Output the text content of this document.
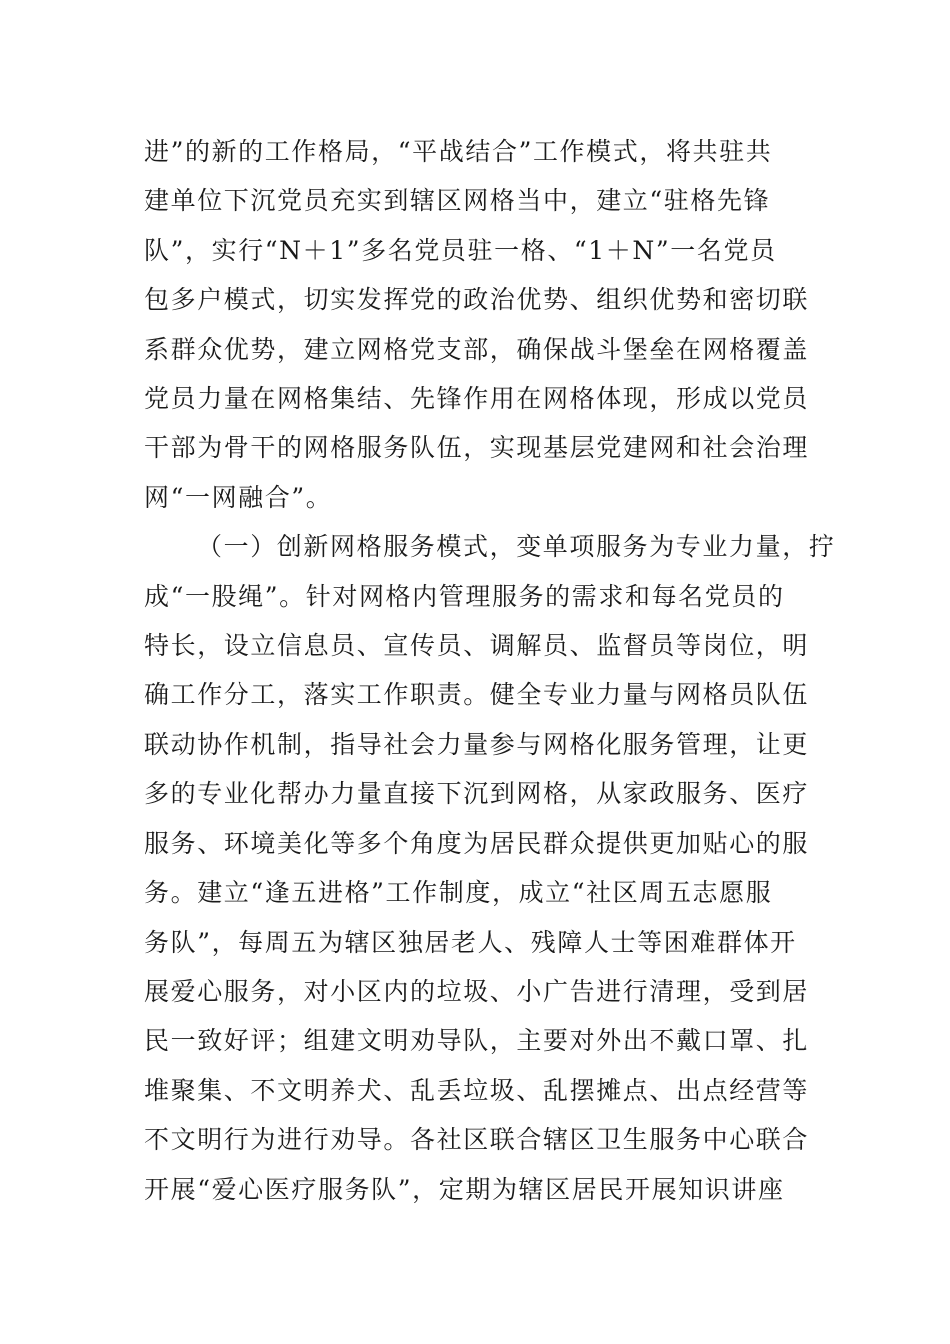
进”的新的工作格局，“平战结合”工作模式，将共驻共
建单位下沉党员充实到辖区网格当中，建立“驻格先锋
队”，实行“N＋1”多名党员驻一格、“1＋N”一名党员
包多户模式，切实发挥党的政治优势、组织优势和密切联
系群众优势，建立网格党支部，确保战斗堡垒在网格覆盖
党员力量在网格集结、先锋作用在网格体现，形成以党员
干部为骨干的网格服务队伍，实现基层党建网和社会治理
网“一网融合”。

（一）创新网格服务模式，变单项服务为专业力量，拧
成“一股绳”。针对网格内管理服务的需求和每名党员的
特长，设立信息员、宣传员、调解员、监督员等岗位，明
确工作分工，落实工作职责。健全专业力量与网格员队伍
联动协作机制，指导社会力量参与网格化服务管理，让更
多的专业化帮办力量直接下沉到网格，从家政服务、医疗
服务、环境美化等多个角度为居民群众提供更加贴心的服
务。建立“逢五进格”工作制度，成立“社区周五志愿服
务队”，每周五为辖区独居老人、残障人士等困难群体开
展爱心服务，对小区内的垃圾、小广告进行清理，受到居
民一致好评；组建文明劝导队，主要对外出不戴口罩、扎
堆聚集、不文明养犬、乱丢垃圾、乱摆摊点、出点经营等
不文明行为进行劝导。各社区联合辖区卫生服务中心联合
开展“爱心医疗服务队”，定期为辖区居民开展知识讲座
